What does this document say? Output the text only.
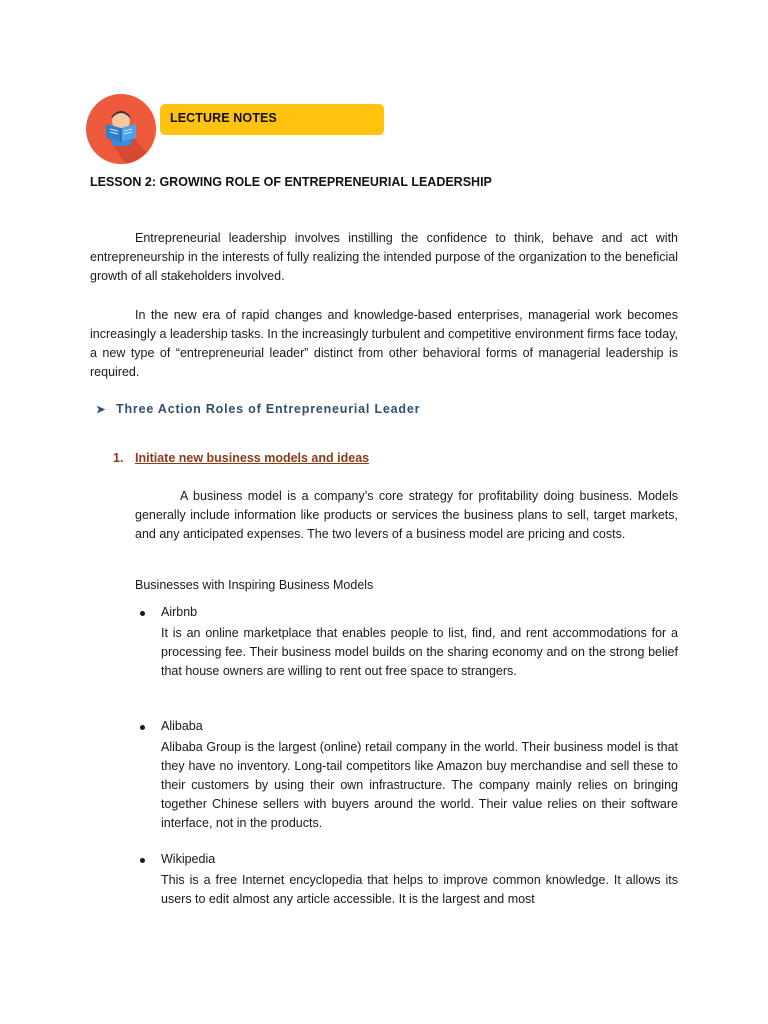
LECTURE NOTES
LESSON 2: GROWING ROLE OF ENTREPRENEURIAL LEADERSHIP

Entrepreneurial leadership involves instilling the confidence to think, behave and act with entrepreneurship in the interests of fully realizing the intended purpose of the organization to the beneficial growth of all stakeholders involved.

In the new era of rapid changes and knowledge-based enterprises, managerial work becomes increasingly a leadership tasks. In the increasingly turbulent and competitive environment firms face today, a new type of “entrepreneurial leader” distinct from other behavioral forms of managerial leadership is required.

➤ Three Action Roles of Entrepreneurial Leader
1. Initiate new business models and ideas

A business model is a company’s core strategy for profitability doing business. Models generally include information like products or services the business plans to sell, target markets, and any anticipated expenses. The two levers of a business model are pricing and costs.

Businesses with Inspiring Business Models

Airbnb

It is an online marketplace that enables people to list, find, and rent accommodations for a processing fee. Their business model builds on the sharing economy and on the strong belief that house owners are willing to rent out free space to strangers.

Alibaba

Alibaba Group is the largest (online) retail company in the world. Their business model is that they have no inventory. Long-tail competitors like Amazon buy merchandise and sell these to their customers by using their own infrastructure. The company mainly relies on bringing together Chinese sellers with buyers around the world. Their value relies on their software interface, not in the products.

Wikipedia

This is a free Internet encyclopedia that helps to improve common knowledge. It allows its users to edit almost any article accessible. It is the largest and most
